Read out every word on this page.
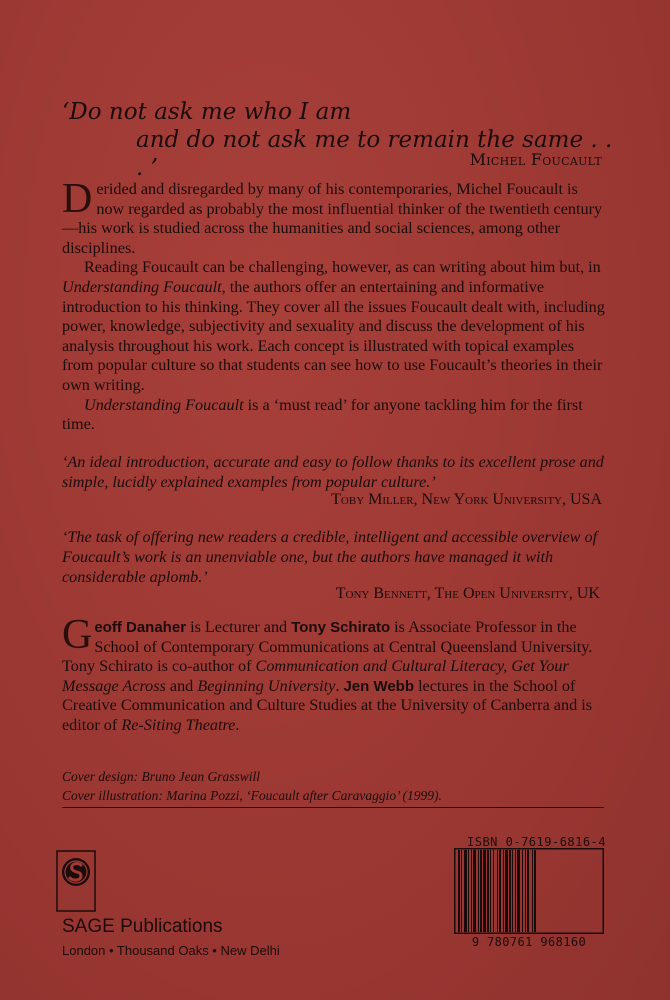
‘Do not ask me who I am
and do not ask me to remain the same . . . ’	Michel Foucault

Derided and disregarded by many of his contemporaries, Michel Foucault is now regarded as probably the most influential thinker of the twentieth century—his work is studied across the humanities and social sciences, among other disciplines.

Reading Foucault can be challenging, however, as can writing about him but, in Understanding Foucault, the authors offer an entertaining and informative introduction to his thinking. They cover all the issues Foucault dealt with, including power, knowledge, subjectivity and sexuality and discuss the development of his analysis throughout his work. Each concept is illustrated with topical examples from popular culture so that students can see how to use Foucault’s theories in their own writing.

Understanding Foucault is a ‘must read’ for anyone tackling him for the first time.

‘An ideal introduction, accurate and easy to follow thanks to its excellent prose and simple, lucidly explained examples from popular culture.’
Toby Miller, New York University, USA
‘The task of offering new readers a credible, intelligent and accessible overview of Foucault’s work is an unenviable one, but the authors have managed it with considerable aplomb.’
Tony Bennett, The Open University, UK

Geoff Danaher is Lecturer and Tony Schirato is Associate Professor in the School of Contemporary Communications at Central Queensland University. Tony Schirato is co-author of Communication and Cultural Literacy, Get Your Message Across and Beginning University. Jen Webb lectures in the School of Creative Communication and Culture Studies at the University of Canberra and is editor of Re-Siting Theatre.

Cover design: Bruno Jean Grasswill
Cover illustration: Marina Pozzi, ‘Foucault after Caravaggio’ (1999).
SAGE Publications
London • Thousand Oaks • New Delhi
ISBN 0-7619-6816-4
9 780761 968160
